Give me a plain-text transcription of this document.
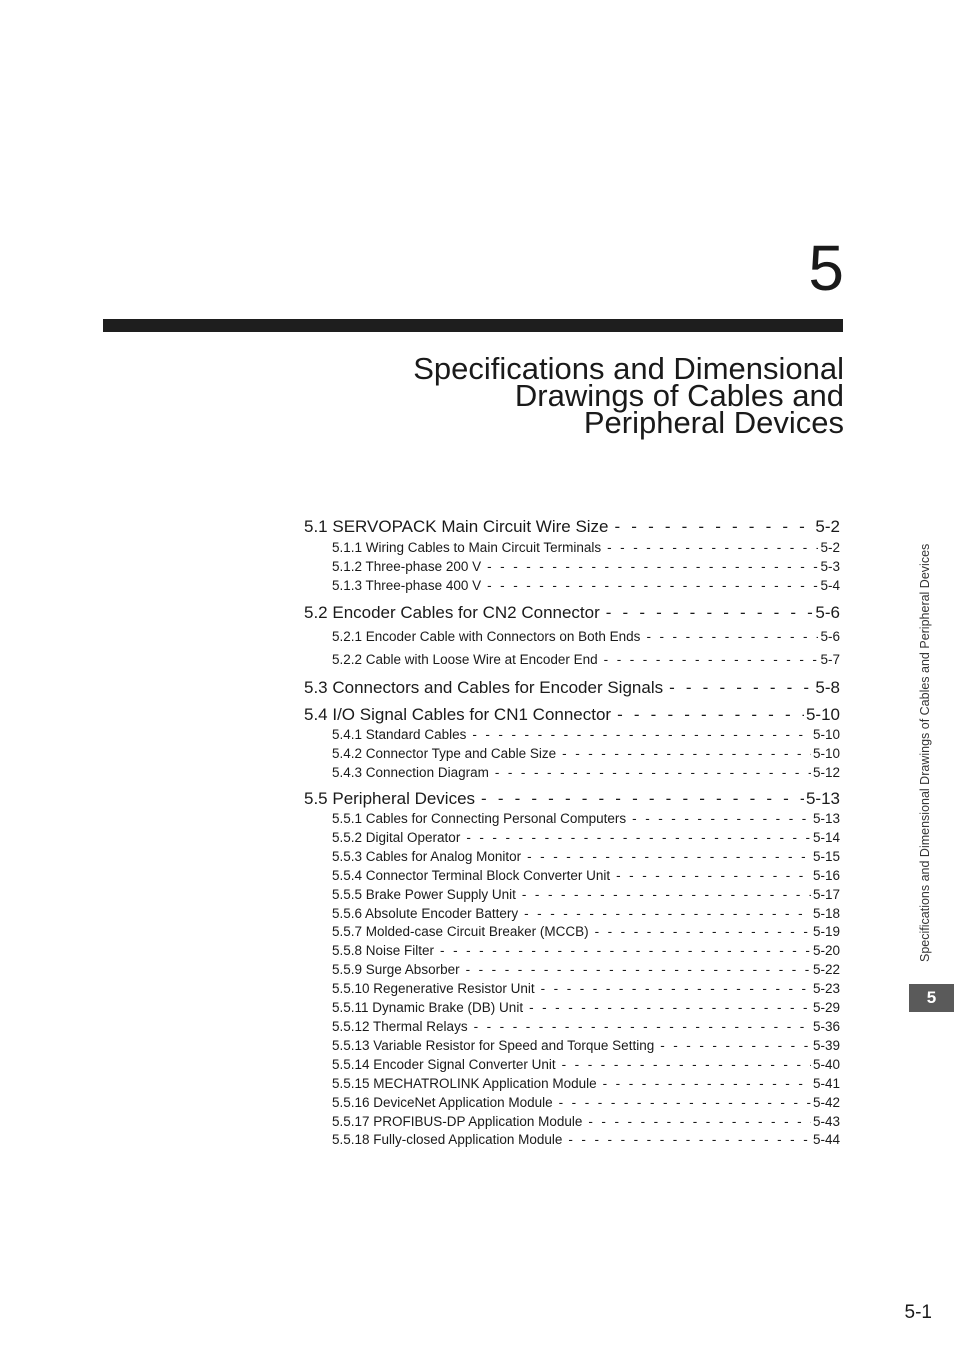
5
Specifications and Dimensional
Drawings of Cables and
Peripheral Devices
5.1 SERVOPACK Main Circuit Wire Size - - -	5-2
5.1.1 Wiring Cables to Main Circuit Terminals - - -	5-2
5.1.2 Three-phase 200 V - - -	5-3
5.1.3 Three-phase 400 V - - -	5-4
5.2 Encoder Cables for CN2 Connector - - -	5-6
5.2.1 Encoder Cable with Connectors on Both Ends - - -	5-6
5.2.2 Cable with Loose Wire at Encoder End - - -	5-7
5.3 Connectors and Cables for Encoder Signals - - -	5-8
5.4 I/O Signal Cables for CN1 Connector - - -	5-10
5.4.1 Standard Cables - - -	5-10
5.4.2 Connector Type and Cable Size - - -	5-10
5.4.3 Connection Diagram - - -	5-12
5.5 Peripheral Devices - - -	5-13
5.5.1 Cables for Connecting Personal Computers - - -	5-13
5.5.2 Digital Operator - - -	5-14
5.5.3 Cables for Analog Monitor - - -	5-15
5.5.4 Connector Terminal Block Converter Unit - - -	5-16
5.5.5 Brake Power Supply Unit - - -	5-17
5.5.6 Absolute Encoder Battery - - -	5-18
5.5.7 Molded-case Circuit Breaker (MCCB) - - -	5-19
5.5.8 Noise Filter - - -	5-20
5.5.9 Surge Absorber - - -	5-22
5.5.10 Regenerative Resistor Unit - - -	5-23
5.5.11 Dynamic Brake (DB) Unit - - -	5-29
5.5.12 Thermal Relays - - -	5-36
5.5.13 Variable Resistor for Speed and Torque Setting - - -	5-39
5.5.14 Encoder Signal Converter Unit - - -	5-40
5.5.15 MECHATROLINK Application Module - - -	5-41
5.5.16 DeviceNet Application Module - - -	5-42
5.5.17 PROFIBUS-DP Application Module - - -	5-43
5.5.18 Fully-closed Application Module - - -	5-44
Specifications and Dimensional Drawings of Cables and Peripheral Devices
5
5-1
